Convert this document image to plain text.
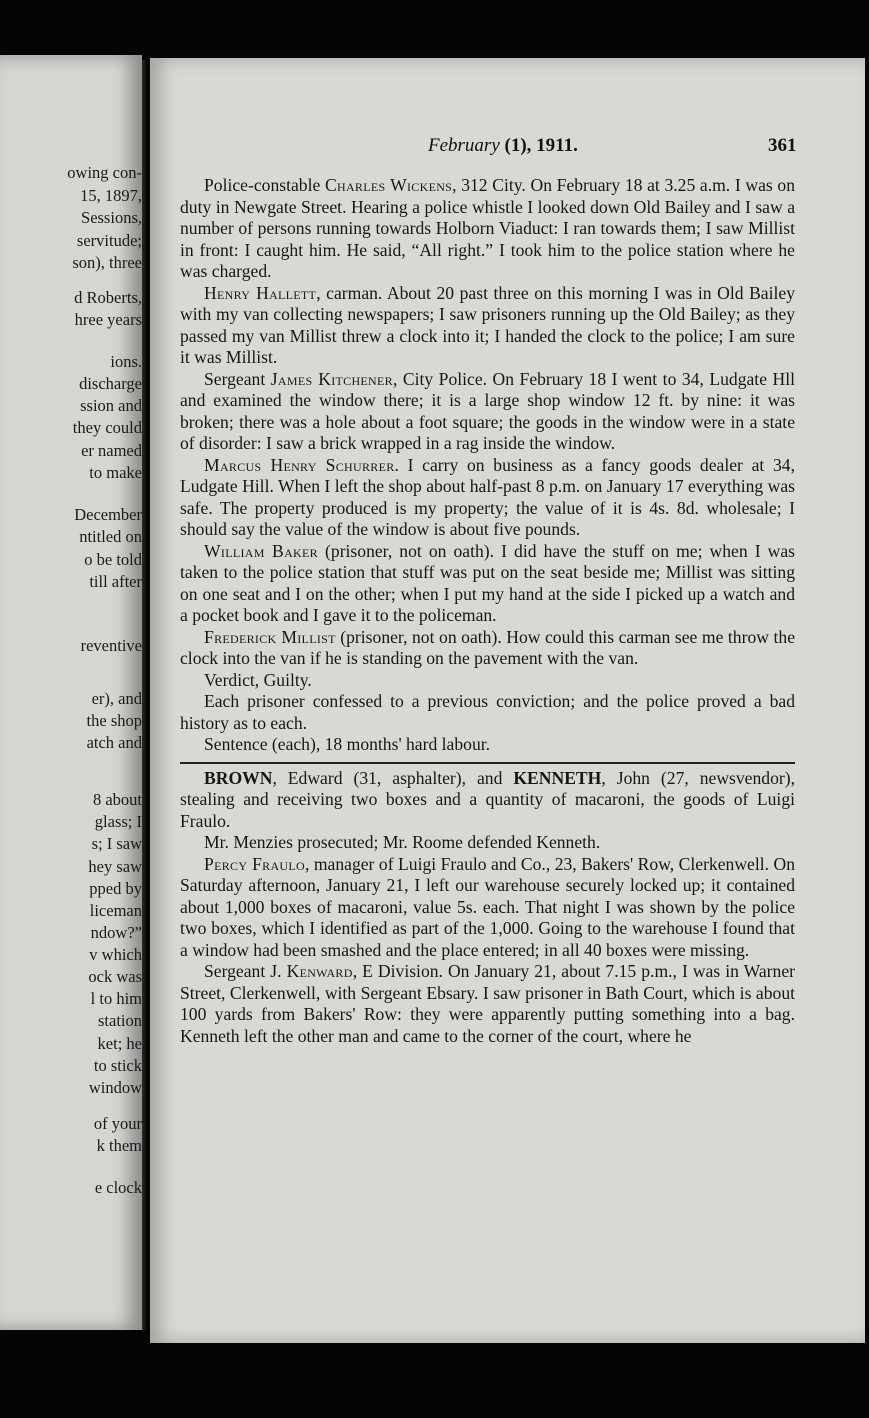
owing con-
15, 1897,
Sessions,
servitude;
son), three
d Roberts,
hree years
ions.
discharge
ssion and
they could
er named
to make
December
ntitled on
o be told
till after
reventive
er), and
the shop
atch and
8 about
glass; I
s; I saw
hey saw
pped by
liceman
ndow?”
v which
ock was
l to him
station
ket; he
to stick
window
of your
k them
e clock
February (1), 1911.	361

Police-constable Charles Wickens, 312 City. On February 18 at 3.25 a.m. I was on duty in Newgate Street. Hearing a police whistle I looked down Old Bailey and I saw a number of persons running towards Holborn Viaduct: I ran towards them; I saw Millist in front: I caught him. He said, “All right.” I took him to the police station where he was charged.

Henry Hallett, carman. About 20 past three on this morning I was in Old Bailey with my van collecting newspapers; I saw prisoners running up the Old Bailey; as they passed my van Millist threw a clock into it; I handed the clock to the police; I am sure it was Millist.

Sergeant James Kitchener, City Police. On February 18 I went to 34, Ludgate Hll and examined the window there; it is a large shop window 12 ft. by nine: it was broken; there was a hole about a foot square; the goods in the window were in a state of disorder: I saw a brick wrapped in a rag inside the window.

Marcus Henry Schurrer. I carry on business as a fancy goods dealer at 34, Ludgate Hill. When I left the shop about half-past 8 p.m. on January 17 everything was safe. The property produced is my property; the value of it is 4s. 8d. wholesale; I should say the value of the window is about five pounds.

William Baker (prisoner, not on oath). I did have the stuff on me; when I was taken to the police station that stuff was put on the seat beside me; Millist was sitting on one seat and I on the other; when I put my hand at the side I picked up a watch and a pocket book and I gave it to the policeman.

Frederick Millist (prisoner, not on oath). How could this carman see me throw the clock into the van if he is standing on the pavement with the van.

Verdict, Guilty.

Each prisoner confessed to a previous conviction; and the police proved a bad history as to each.

Sentence (each), 18 months' hard labour.

BROWN, Edward (31, asphalter), and KENNETH, John (27, newsvendor), stealing and receiving two boxes and a quantity of macaroni, the goods of Luigi Fraulo.

Mr. Menzies prosecuted; Mr. Roome defended Kenneth.

Percy Fraulo, manager of Luigi Fraulo and Co., 23, Bakers' Row, Clerkenwell. On Saturday afternoon, January 21, I left our warehouse securely locked up; it contained about 1,000 boxes of macaroni, value 5s. each. That night I was shown by the police two boxes, which I identified as part of the 1,000. Going to the warehouse I found that a window had been smashed and the place entered; in all 40 boxes were missing.

Sergeant J. Kenward, E Division. On January 21, about 7.15 p.m., I was in Warner Street, Clerkenwell, with Sergeant Ebsary. I saw prisoner in Bath Court, which is about 100 yards from Bakers' Row: they were apparently putting something into a bag. Kenneth left the other man and came to the corner of the court, where he
